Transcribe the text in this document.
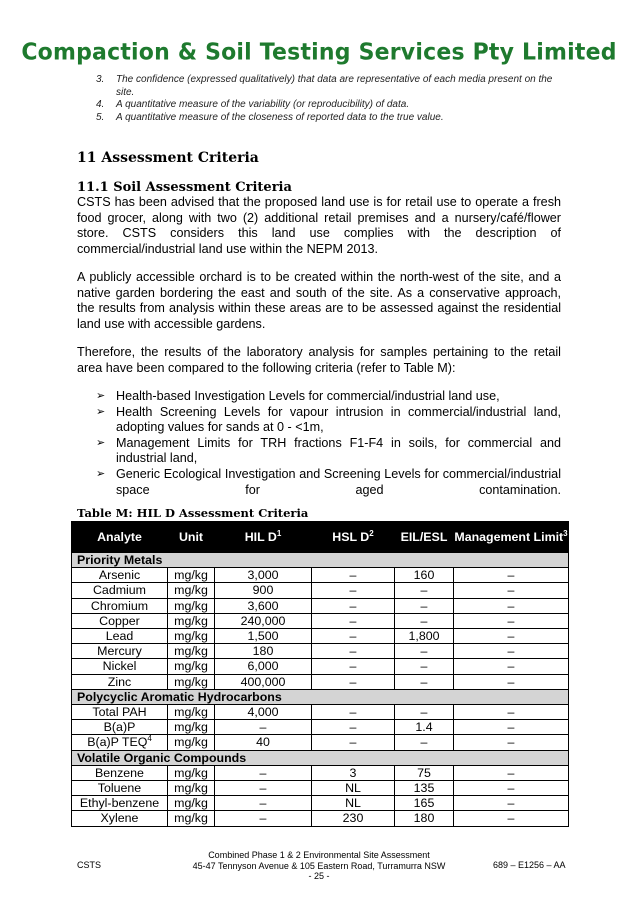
Compaction & Soil Testing Services Pty Limited
3.	The confidence (expressed qualitatively) that data are representative of each media present on the site.
4.	A quantitative measure of the variability (or reproducibility) of data.
5.	A quantitative measure of the closeness of reported data to the true value.
11 Assessment Criteria
11.1 Soil Assessment Criteria

CSTS has been advised that the proposed land use is for retail use to operate a fresh food grocer, along with two (2) additional retail premises and a nursery/café/flower store. CSTS considers this land use complies with the description of commercial/industrial land use within the NEPM 2013.

A publicly accessible orchard is to be created within the north-west of the site, and a native garden bordering the east and south of the site. As a conservative approach, the results from analysis within these areas are to be assessed against the residential land use with accessible gardens.

Therefore, the results of the laboratory analysis for samples pertaining to the retail area have been compared to the following criteria (refer to Table M):

➢ Health-based Investigation Levels for commercial/industrial land use,
➢ Health Screening Levels for vapour intrusion in commercial/industrial land, adopting values for sands at 0 - <1m,
➢ Management Limits for TRH fractions F1-F4 in soils, for commercial and industrial land,
➢ Generic Ecological Investigation and Screening Levels for commercial/industrial space for aged contamination.
Table M: HIL D Assessment Criteria
Analyte	Unit	HIL $D^1$	HSL $D^2$	EIL/ESL	Management Limit$^3$
Priority Metals					
Arsenic	mg/kg	3,000	–	160	–
Cadmium	mg/kg	900	–	–	–
Chromium	mg/kg	3,600	–	–	–
Copper	mg/kg	240,000	–	–	–
Lead	mg/kg	1,500	–	1,800	–
Mercury	mg/kg	180	–	–	–
Nickel	mg/kg	6,000	–	–	–
Zinc	mg/kg	400,000	–	–	–
Polycyclic Aromatic Hydrocarbons					
Total PAH	mg/kg	4,000	–	–	–
B(a)P	mg/kg	–	–	1.4	–
B(a)P TEQ$^4$	mg/kg	40	–	–	–
Volatile Organic Compounds					
Benzene	mg/kg	–	3	75	–
Toluene	mg/kg	–	NL	135	–
Ethyl-benzene	mg/kg	–	NL	165	–
Xylene	mg/kg	–	230	180	–
Combined Phase 1 & 2 Environmental Site Assessment
45-47 Tennyson Avenue & 105 Eastern Road, Turramurra NSW
- 25 -
CSTS	689 – E1256 – AA
